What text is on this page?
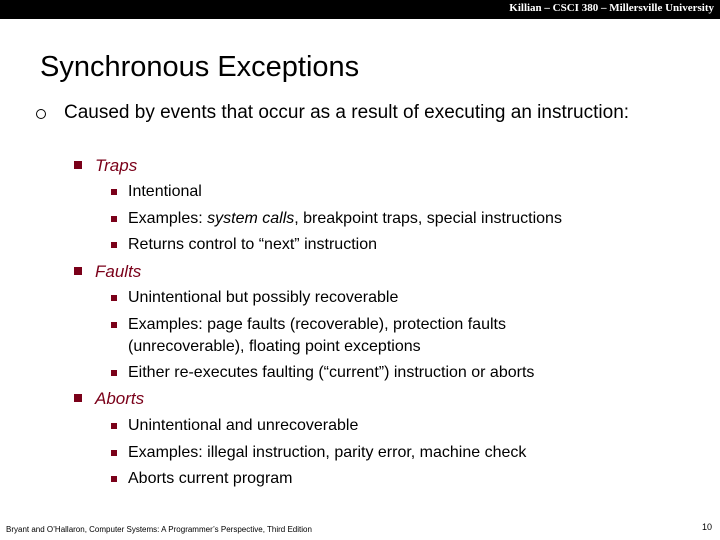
Killian – CSCI 380 – Millersville University
Synchronous Exceptions
Caused by events that occur as a result of executing an instruction:
Traps
Intentional
Examples: system calls, breakpoint traps, special instructions
Returns control to “next” instruction
Faults
Unintentional but possibly recoverable
Examples: page faults (recoverable), protection faults
(unrecoverable), floating point exceptions
Either re-executes faulting (“current”) instruction or aborts
Aborts
Unintentional and unrecoverable
Examples: illegal instruction, parity error, machine check
Aborts current program
Bryant and O’Hallaron, Computer Systems: A Programmer’s Perspective, Third Edition	10
